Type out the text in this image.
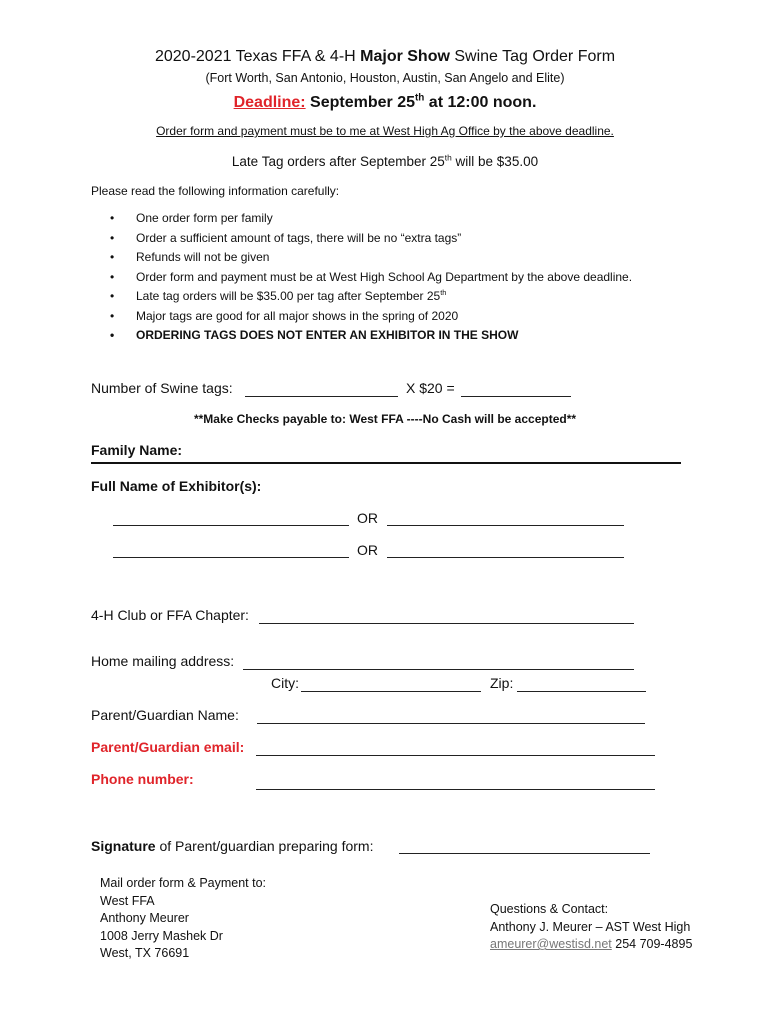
2020-2021 Texas FFA & 4-H Major Show Swine Tag Order Form
(Fort Worth, San Antonio, Houston, Austin, San Angelo and Elite)
Deadline: September 25th at 12:00 noon.
Order form and payment must be to me at West High Ag Office by the above deadline.
Late Tag orders after September 25th will be $35.00
Please read the following information carefully:
• One order form per family
• Order a sufficient amount of tags, there will be no “extra tags”
• Refunds will not be given
• Order form and payment must be at West High School Ag Department by the above deadline.
• Late tag orders will be $35.00 per tag after September 25th
• Major tags are good for all major shows in the spring of 2020
• ORDERING TAGS DOES NOT ENTER AN EXHIBITOR IN THE SHOW
Number of Swine tags:	X $20 =
**Make Checks payable to: West FFA ----No Cash will be accepted**
Family Name:
Full Name of Exhibitor(s):
OR
OR
4-H Club or FFA Chapter:
Home mailing address:
City:	Zip:
Parent/Guardian Name:
Parent/Guardian email:
Phone number:
Signature of Parent/guardian preparing form:
Mail order form & Payment to:
West FFA
Anthony Meurer
1008 Jerry Mashek Dr
West, TX 76691
Questions & Contact:
Anthony J. Meurer – AST West High
ameurer@westisd.net 254 709-4895
